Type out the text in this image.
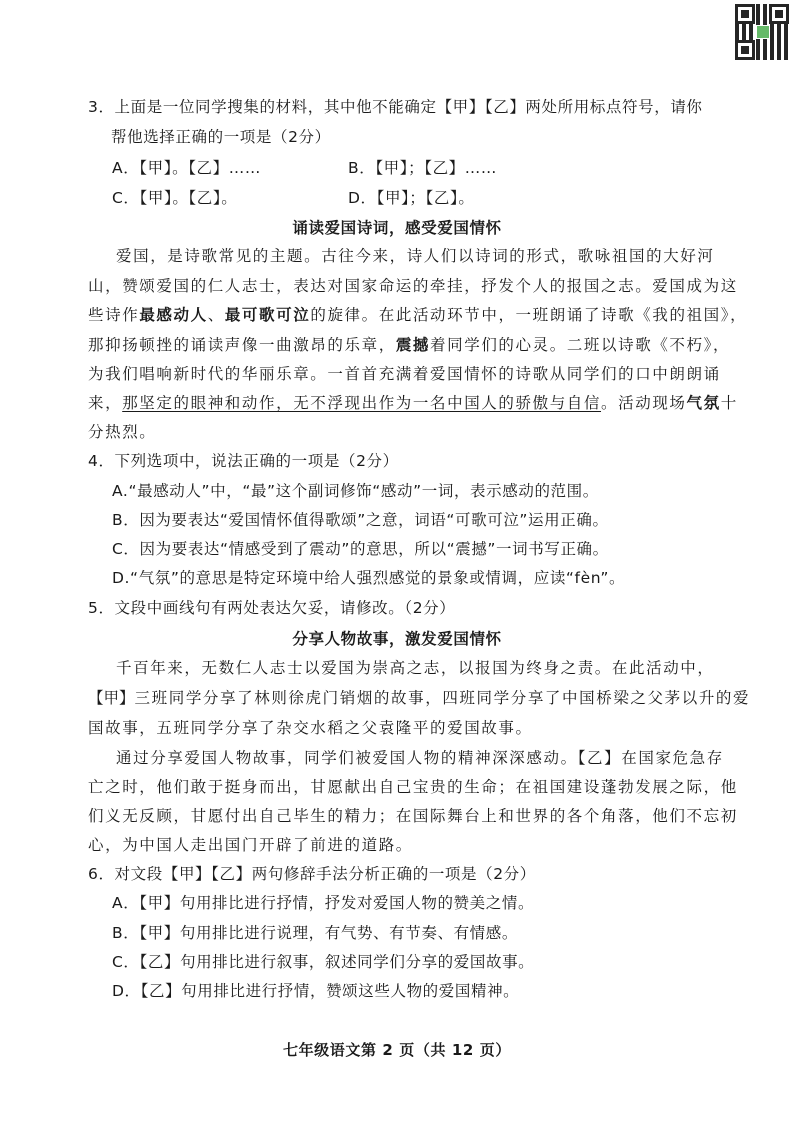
3．上面是一位同学搜集的材料，其中他不能确定【甲】【乙】两处所用标点符号，请你
帮他选择正确的一项是（2分）
A．【甲】。【乙】……	B．【甲】；【乙】……
C．【甲】。【乙】。	D．【甲】；【乙】。
诵读爱国诗词，感受爱国情怀
爱国，是诗歌常见的主题。古往今来，诗人们以诗词的形式，歌咏祖国的大好河
山，赞颂爱国的仁人志士，表达对国家命运的牵挂，抒发个人的报国之志。爱国成为这
些诗作最感动人、最可歌可泣的旋律。在此活动环节中，一班朗诵了诗歌《我的祖国》，
那抑扬顿挫的诵读声像一曲激昂的乐章，震撼着同学们的心灵。二班以诗歌《不朽》，
为我们唱响新时代的华丽乐章。一首首充满着爱国情怀的诗歌从同学们的口中朗朗诵
来，那坚定的眼神和动作，无不浮现出作为一名中国人的骄傲与自信。活动现场气氛十
分热烈。
4．下列选项中，说法正确的一项是（2分）
A.“最感动人”中，“最”这个副词修饰“感动”一词，表示感动的范围。
B．因为要表达“爱国情怀值得歌颂”之意，词语“可歌可泣”运用正确。
C．因为要表达“情感受到了震动”的意思，所以“震撼”一词书写正确。
D.“气氛”的意思是特定环境中给人强烈感觉的景象或情调，应读“fèn”。
5．文段中画线句有两处表达欠妥，请修改。（2分）
分享人物故事，激发爱国情怀
千百年来，无数仁人志士以爱国为崇高之志，以报国为终身之责。在此活动中，
【甲】三班同学分享了林则徐虎门销烟的故事，四班同学分享了中国桥梁之父茅以升的爱
国故事，五班同学分享了杂交水稻之父袁隆平的爱国故事。
通过分享爱国人物故事，同学们被爱国人物的精神深深感动。【乙】在国家危急存
亡之时，他们敢于挺身而出，甘愿献出自己宝贵的生命；在祖国建设蓬勃发展之际，他
们义无反顾，甘愿付出自己毕生的精力；在国际舞台上和世界的各个角落，他们不忘初
心，为中国人走出国门开辟了前进的道路。
6．对文段【甲】【乙】两句修辞手法分析正确的一项是（2分）
A．【甲】句用排比进行抒情，抒发对爱国人物的赞美之情。
B．【甲】句用排比进行说理，有气势、有节奏、有情感。
C．【乙】句用排比进行叙事，叙述同学们分享的爱国故事。
D．【乙】句用排比进行抒情，赞颂这些人物的爱国精神。
七年级语文第 2 页（共 12 页）
